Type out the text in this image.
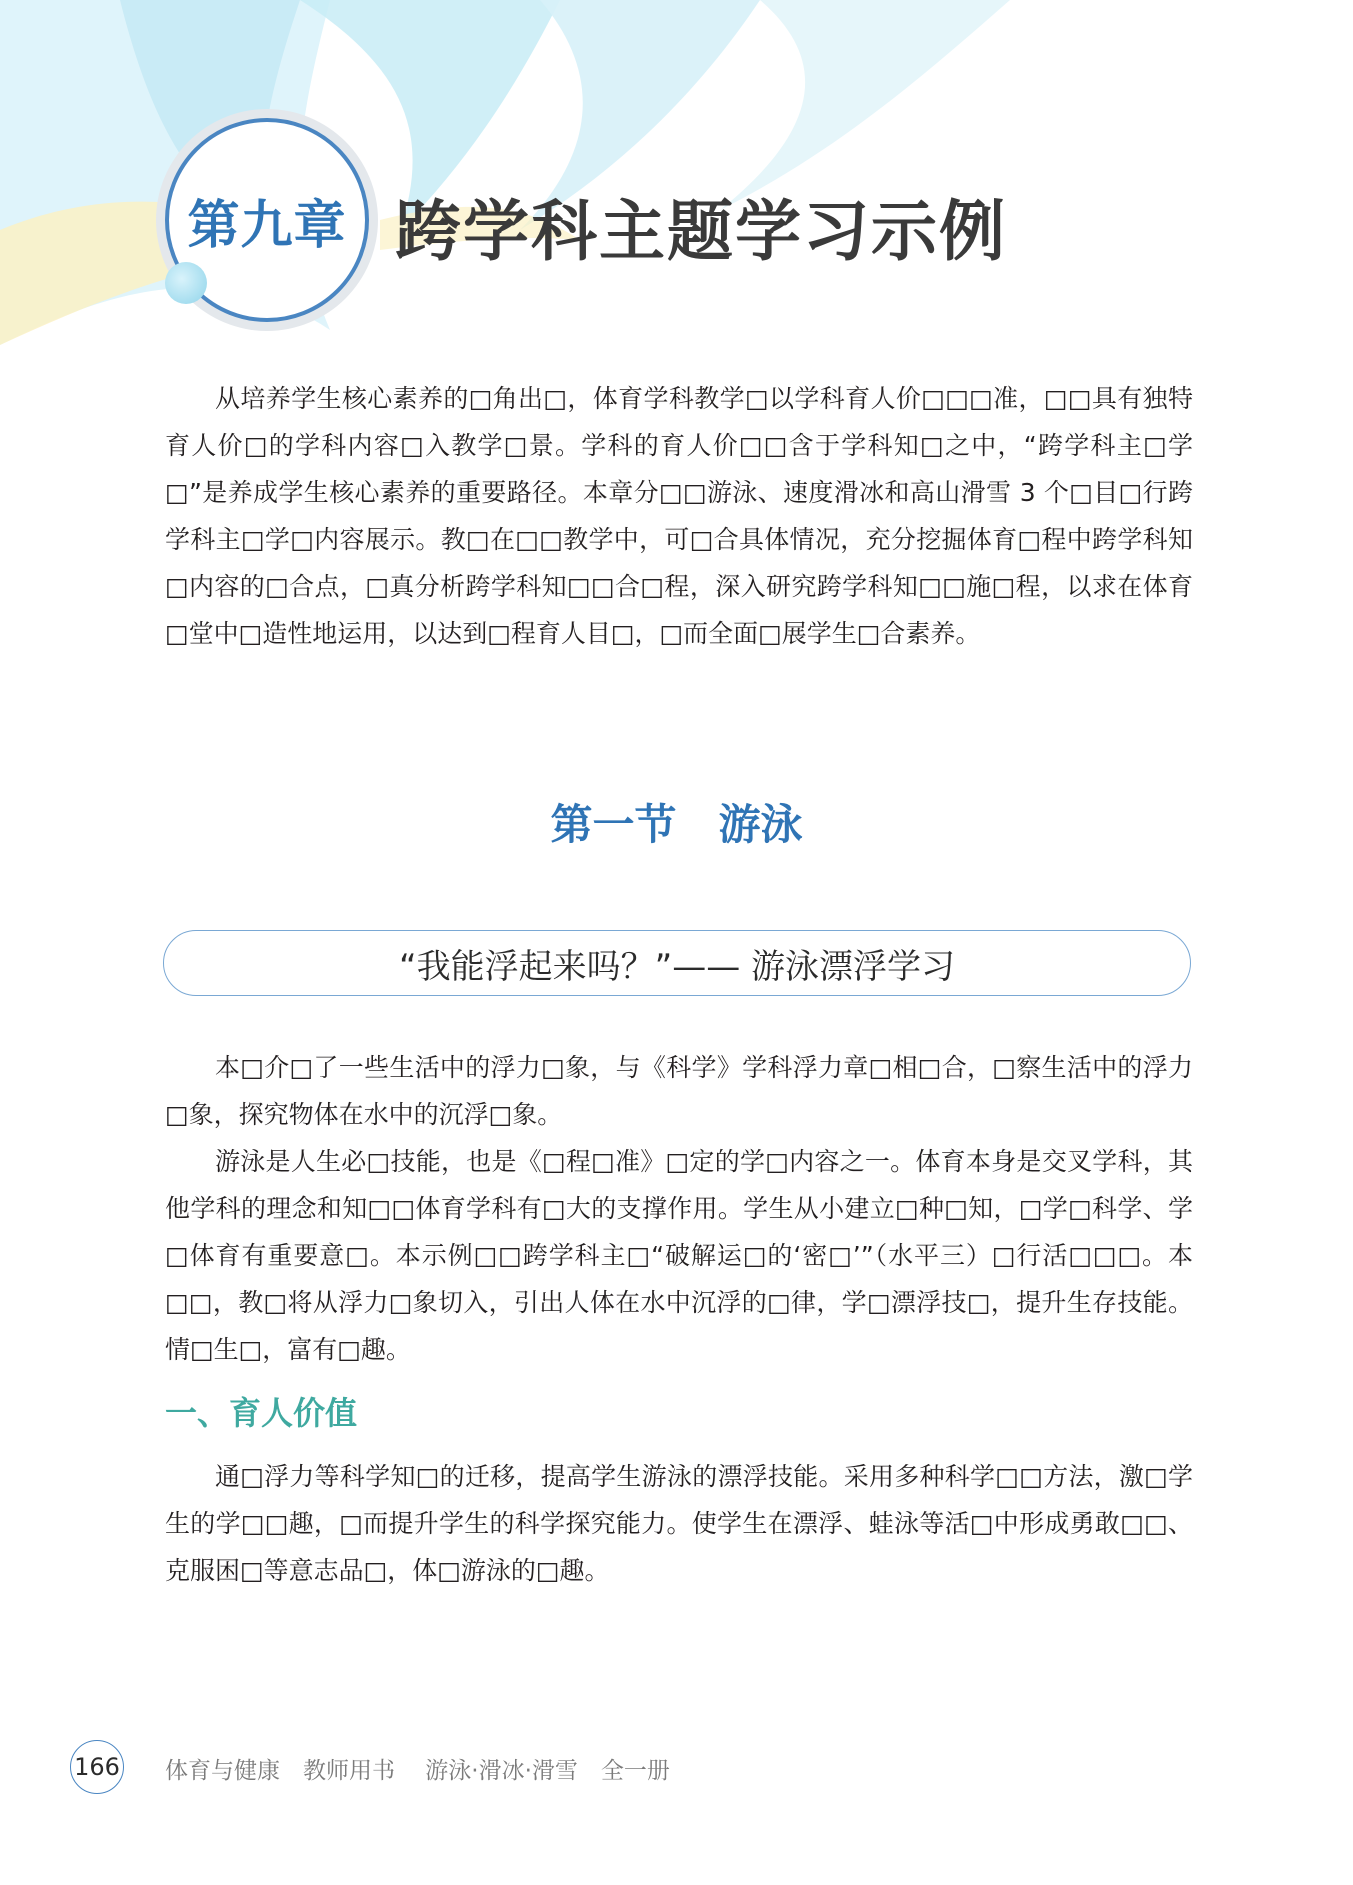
第九章 跨学科主题学习示例

从培养学生核心素养的□角出□，体育学科教学□以学科育人价□□□准，□□具有独特育人价□的学科内容□入教学□景。学科的育人价□□含于学科知□之中，“跨学科主□学□”是养成学生核心素养的重要路径。本章分□□游泳、速度滑冰和高山滑雪 3 个□目□行跨学科主□学□内容展示。教□在□□教学中，可□合具体情况，充分挖掘体育□程中跨学科知□内容的□合点，□真分析跨学科知□□合□程，深入研究跨学科知□□施□程，以求在体育□堂中□造性地运用，以达到□程育人目□，□而全面□展学生□合素养。

第一节　游泳
“我能浮起来吗？”—— 游泳漂浮学习

本□介□了一些生活中的浮力□象，与《科学》学科浮力章□相□合，□察生活中的浮力□象，探究物体在水中的沉浮□象。

游泳是人生必□技能，也是《□程□准》□定的学□内容之一。体育本身是交叉学科，其他学科的理念和知□□体育学科有□大的支撑作用。学生从小建立□种□知，□学□科学、学□体育有重要意□。本示例□□跨学科主□“破解运□的‘密□’”（水平三）□行活□□□。本□□，教□将从浮力□象切入，引出人体在水中沉浮的□律，学□漂浮技□，提升生存技能。情□生□，富有□趣。

一、育人价值

通□浮力等科学知□的迁移，提高学生游泳的漂浮技能。采用多种科学□□方法，激□学生的学□□趣，□而提升学生的科学探究能力。使学生在漂浮、蛙泳等活□中形成勇敢□□、克服困□等意志品□，体□游泳的□趣。

166 体育与健康　教师用书　 游泳·滑冰·滑雪　全一册
